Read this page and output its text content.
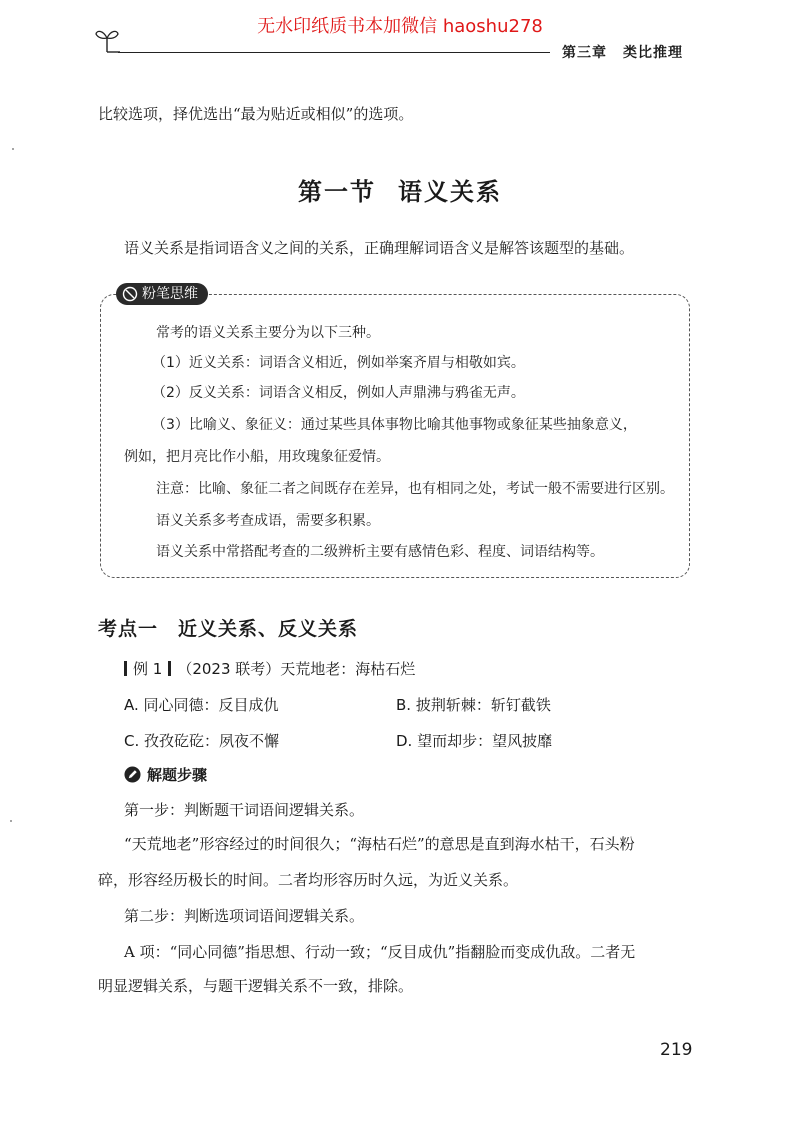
无水印纸质书本加微信 haoshu278
第三章 类比推理
比较选项，择优选出“最为贴近或相似”的选项。
第一节 语义关系
语义关系是指词语含义之间的关系，正确理解词语含义是解答该题型的基础。
粉笔思维
常考的语义关系主要分为以下三种。
（1）近义关系：词语含义相近，例如举案齐眉与相敬如宾。
（2）反义关系：词语含义相反，例如人声鼎沸与鸦雀无声。
（3）比喻义、象征义：通过某些具体事物比喻其他事物或象征某些抽象意义，
例如，把月亮比作小船，用玫瑰象征爱情。
注意：比喻、象征二者之间既存在差异，也有相同之处，考试一般不需要进行区别。
语义关系多考查成语，需要多积累。
语义关系中常搭配考查的二级辨析主要有感情色彩、程度、词语结构等。
考点一 近义关系、反义关系
例 1 （2023 联考）天荒地老：海枯石烂
A. 同心同德：反目成仇	B. 披荆斩棘：斩钉截铁
C. 孜孜矻矻：夙夜不懈	D. 望而却步：望风披靡
解题步骤
第一步：判断题干词语间逻辑关系。
“天荒地老”形容经过的时间很久；“海枯石烂”的意思是直到海水枯干，石头粉
碎，形容经历极长的时间。二者均形容历时久远，为近义关系。
第二步：判断选项词语间逻辑关系。
A 项：“同心同德”指思想、行动一致；“反目成仇”指翻脸而变成仇敌。二者无
明显逻辑关系，与题干逻辑关系不一致，排除。
219
